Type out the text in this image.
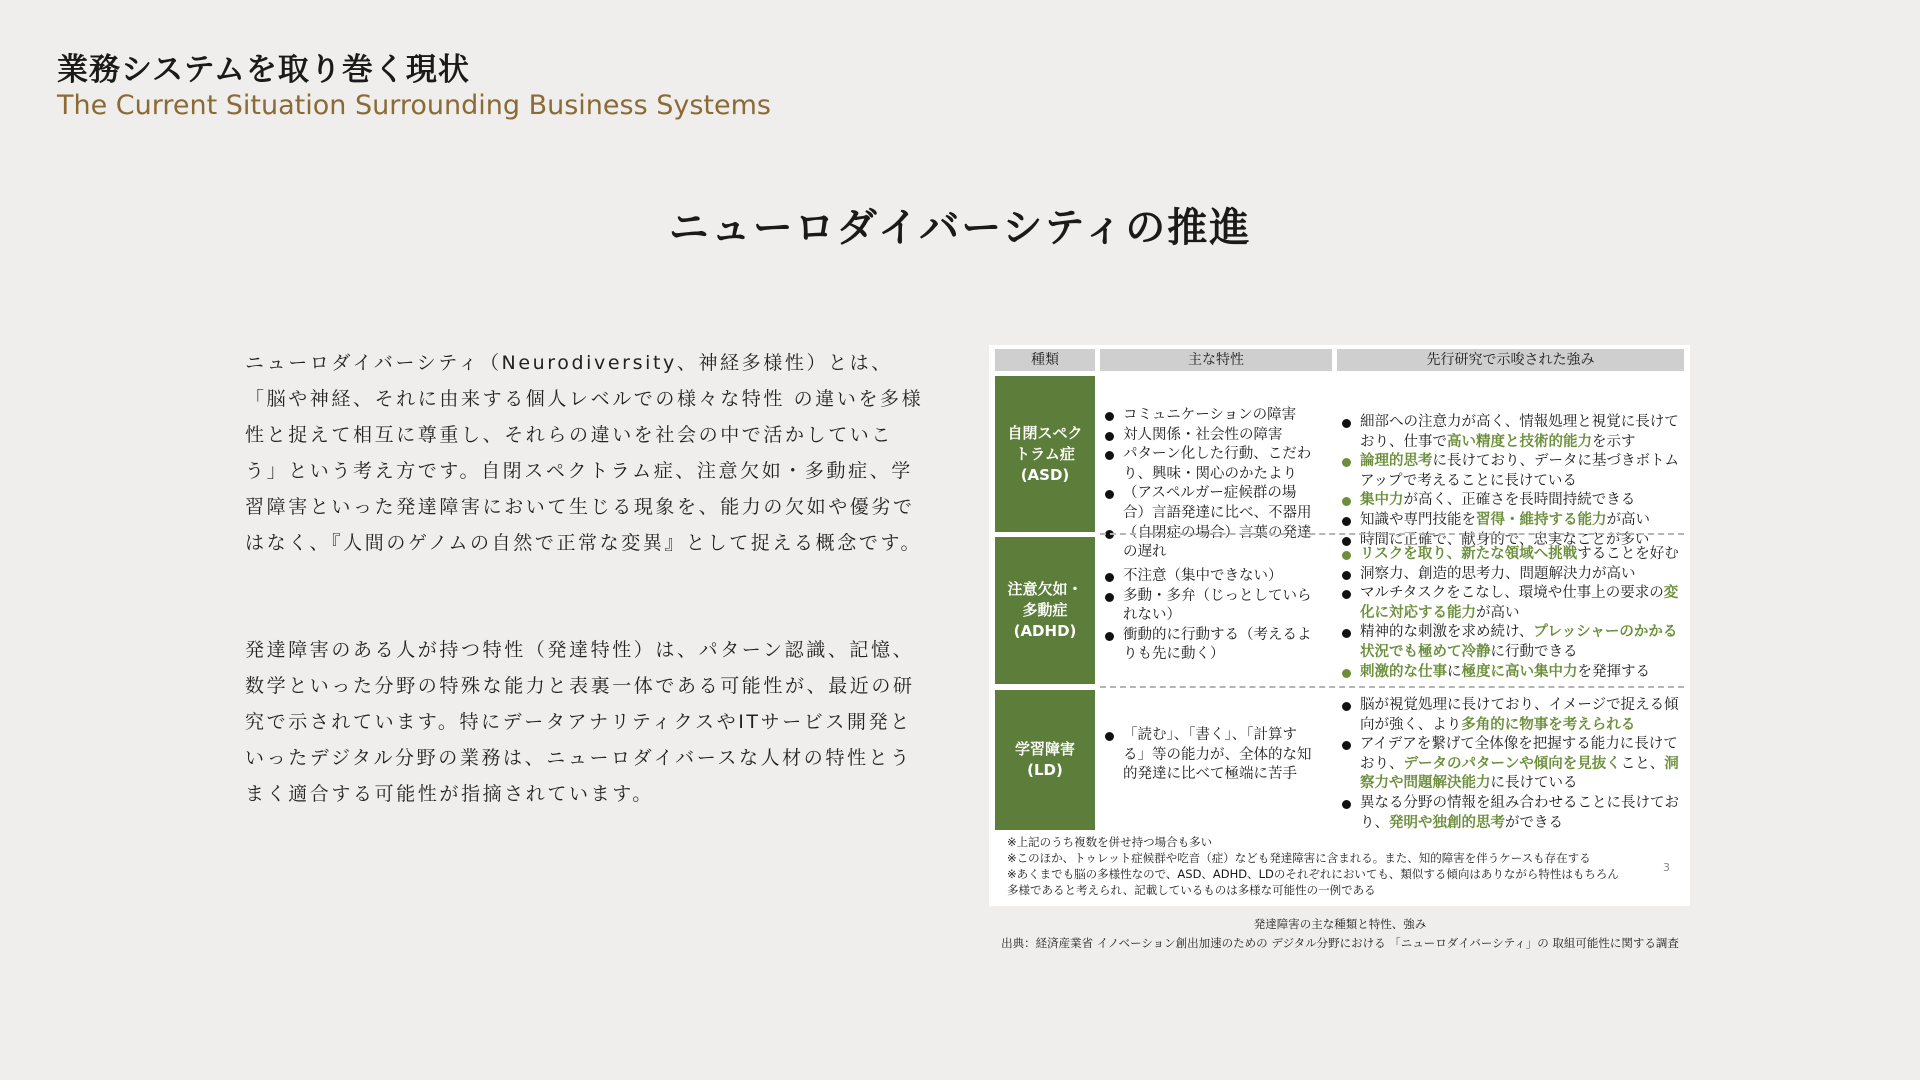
業務システムを取り巻く現状
The Current Situation Surrounding Business Systems
ニューロダイバーシティの推進

ニューロダイバーシティ（Neurodiversity、神経多様性）とは、「脳や神経、それに由来する個人レベルでの様々な特性 の違いを多様性と捉えて相互に尊重し、それらの違いを社会の中で活かしていこう」という考え方です。自閉スペクトラム症、注意欠如・多動症、学習障害といった発達障害において生じる現象を、能力の欠如や優劣ではなく、『人間のゲノムの自然で正常な変異』として捉える概念です。

発達障害のある人が持つ特性（発達特性）は、パターン認識、記憶、数学といった分野の特殊な能力と表裏一体である可能性が、最近の研究で示されています。特にデータアナリティクスやITサービス開発といったデジタル分野の業務は、ニューロダイバースな人材の特性とうまく適合する可能性が指摘されています。

種類	主な特性	先行研究で示唆された強み
※上記のうち複数を併せ持つ場合も多い
※このほか、トゥレット症候群や吃音（症）なども発達障害に含まれる。また、知的障害を伴うケースも存在する
※あくまでも脳の多様性なので、ASD、ADHD、LDのそれぞれにおいても、類似する傾向はありながら特性はもちろん多様であると考えられ、記載しているものは多様な可能性の一例である
3
自閉スペク
トラム症
(ASD)
コミュニケーションの障害
対人関係・社会性の障害
パターン化した行動、こだわり、興味・関心のかたより
（アスペルガー症候群の場合）言語発達に比べ、不器用
（自閉症の場合）言葉の発達の遅れ
細部への注意力が高く、情報処理と視覚に長けており、仕事で高い精度と技術的能力を示す
論理的思考に長けており、データに基づきボトムアップで考えることに長けている
集中力が高く、正確さを長時間持続できる
知識や専門技能を習得・維持する能力が高い
時間に正確で、献身的で、忠実なことが多い
注意欠如・
多動症
(ADHD)
不注意（集中できない）
多動・多弁（じっとしていられない）
衝動的に行動する（考えるよりも先に動く）
リスクを取り、新たな領域へ挑戦することを好む
洞察力、創造的思考力、問題解決力が高い
マルチタスクをこなし、環境や仕事上の要求の変化に対応する能力が高い
精神的な刺激を求め続け、プレッシャーのかかる状況でも極めて冷静に行動できる
刺激的な仕事に極度に高い集中力を発揮する
学習障害
(LD)
「読む」、「書く」、「計算する」等の能力が、全体的な知的発達に比べて極端に苦手
脳が視覚処理に長けており、イメージで捉える傾向が強く、より多角的に物事を考えられる
アイデアを繋げて全体像を把握する能力に長けており、データのパターンや傾向を見抜くこと、洞察力や問題解決能力に長けている
異なる分野の情報を組み合わせることに長けており、発明や独創的思考ができる
発達障害の主な種類と特性、強み
出典：経済産業省 イノベーション創出加速のための デジタル分野における 「ニューロダイバーシティ」の 取組可能性に関する調査
